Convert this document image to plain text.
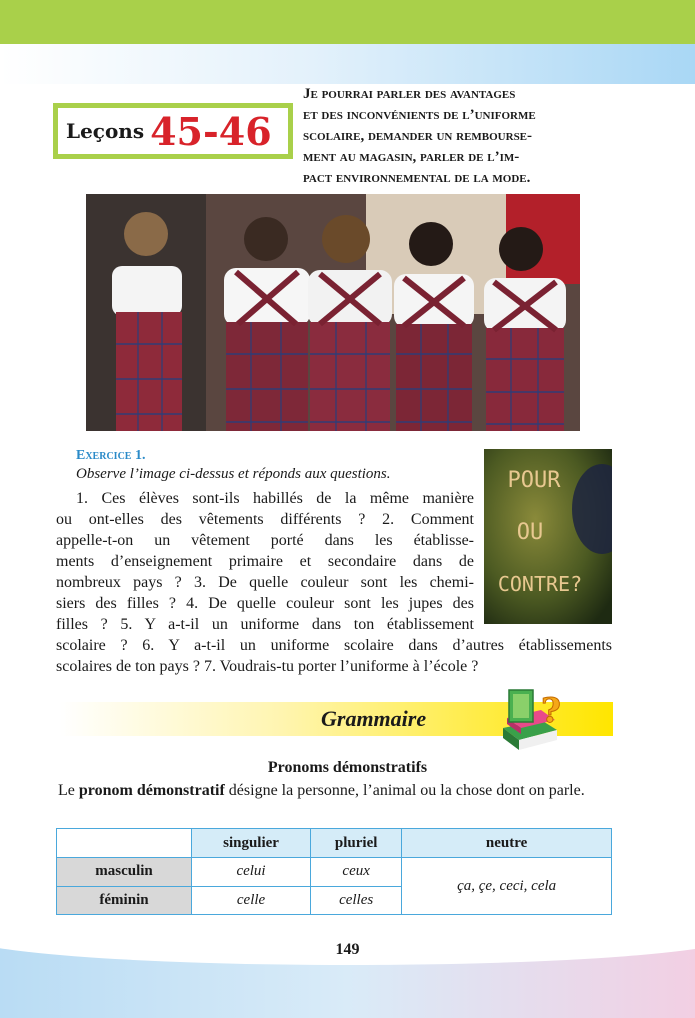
Leçons 45-46
Je pourrai parler des avantages
et des inconvénients de l’uniforme
scolaire, demander un rembourse-
ment au magasin, parler de l’im-
pact environnemental de la mode.
Exercice 1.
Observe l’image ci-dessus et réponds aux questions.
1. Ces élèves sont-ils habillés de la même manière
ou ont-elles des vêtements différents ? 2. Comment
appelle-t-on un vêtement porté dans les établisse-
ments d’enseignement primaire et secondaire dans de
nombreux pays ? 3. De quelle couleur sont les chemi-
siers des filles ? 4. De quelle couleur sont les jupes des
filles ? 5. Y a-t-il un uniforme dans ton établissement
scolaire ? 6. Y a-t-il un uniforme scolaire dans d’autres établissements
scolaires de ton pays ? 7. Voudrais-tu porter l’uniforme à l’école ?
POUR
OU
CONTRE?
Grammaire	?
Pronoms démonstratifs
Le pronom démonstratif désigne la personne, l’animal ou la chose dont on parle.
	singulier	pluriel	neutre
masculin	celui	ceux	ça, çe, ceci, cela
féminin	celle	celles	
149
